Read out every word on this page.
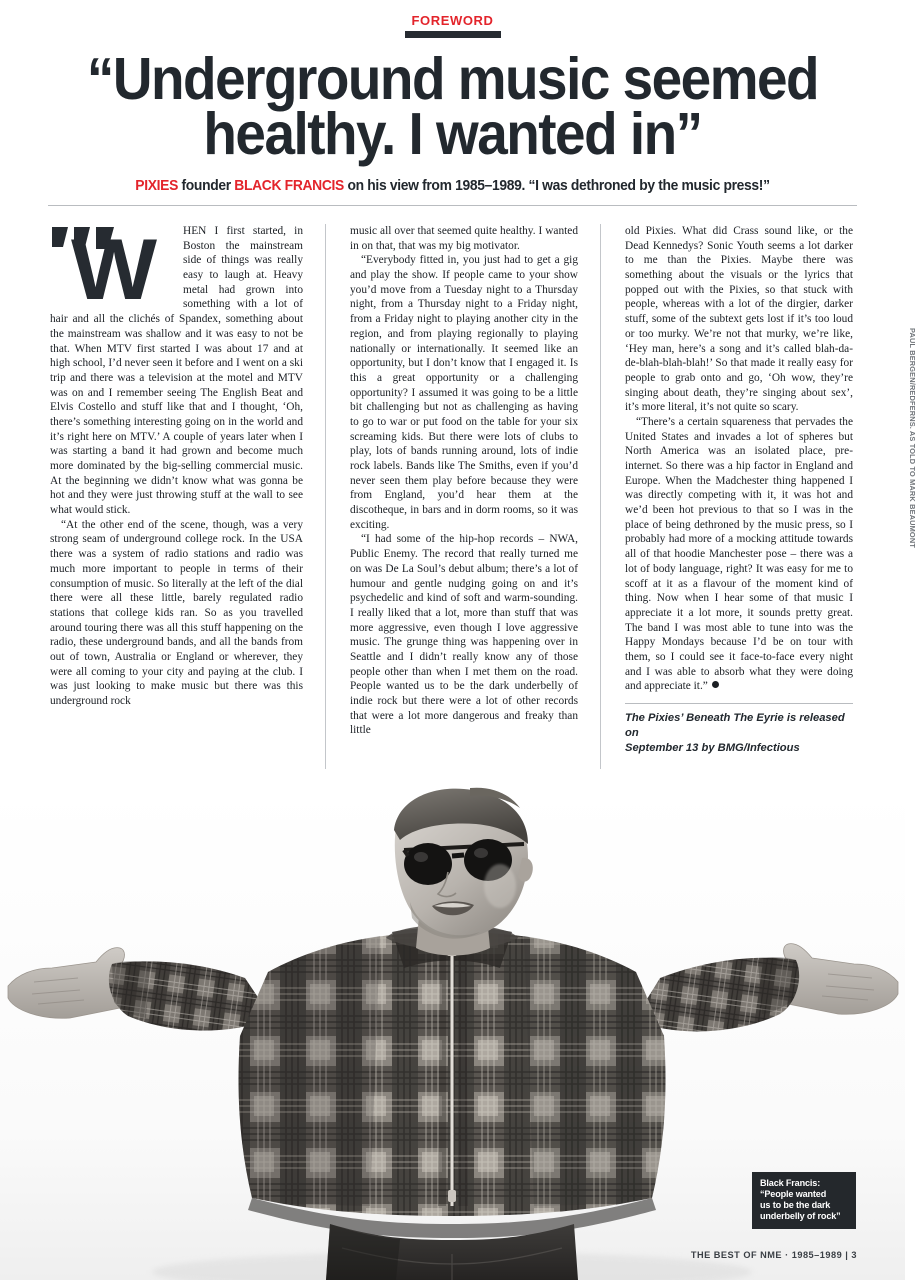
FOREWORD
“Underground music seemed
healthy. I wanted in”
PIXIES founder BLACK FRANCIS on his view from 1985–1989. “I was dethroned by the music press!”
W	HEN I first started, in Boston the mainstream side of things was really easy to laugh at. Heavy metal had grown into something with a lot of hair and all the clichés of Spandex, something about the mainstream was shallow and it was easy to not be that. When MTV first started I was about 17 and at high school, I’d never seen it before and I went on a ski trip and there was a television at the motel and MTV was on and I remember seeing The English Beat and Elvis Costello and stuff like that and I thought, ‘Oh, there’s something interesting going on in the world and it’s right here on MTV.’ A couple of years later when I was starting a band it had grown and become much more dominated by the big-selling commercial music. At the beginning we didn’t know what was gonna be hot and they were just throwing stuff at the wall to see what would stick.

“At the other end of the scene, though, was a very strong seam of underground college rock. In the USA there was a system of radio stations and radio was much more important to people in terms of their consumption of music. So literally at the left of the dial there were all these little, barely regulated radio stations that college kids ran. So as you travelled around touring there was all this stuff happening on the radio, these underground bands, and all the bands from out of town, Australia or England or wherever, they were all coming to your city and paying at the club. I was just looking to make music but there was this underground rock

music all over that seemed quite healthy. I wanted in on that, that was my big motivator.

“Everybody fitted in, you just had to get a gig and play the show. If people came to your show you’d move from a Tuesday night to a Thursday night, from a Thursday night to a Friday night, from a Friday night to playing another city in the region, and from playing regionally to playing nationally or internationally. It seemed like an opportunity, but I don’t know that I engaged it. Is this a great opportunity or a challenging opportunity? I assumed it was going to be a little bit challenging but not as challenging as having to go to war or put food on the table for your six screaming kids. But there were lots of clubs to play, lots of bands running around, lots of indie rock labels. Bands like The Smiths, even if you’d never seen them play before because they were from England, you’d hear them at the discotheque, in bars and in dorm rooms, so it was exciting.

“I had some of the hip-hop records – NWA, Public Enemy. The record that really turned me on was De La Soul’s debut album; there’s a lot of humour and gentle nudging going on and it’s psychedelic and kind of soft and warm-sounding. I really liked that a lot, more than stuff that was more aggressive, even though I love aggressive music. The grunge thing was happening over in Seattle and I didn’t really know any of those people other than when I met them on the road. People wanted us to be the dark underbelly of indie rock but there were a lot of other records that were a lot more dangerous and freaky than little

old Pixies. What did Crass sound like, or the Dead Kennedys? Sonic Youth seems a lot darker to me than the Pixies. Maybe there was something about the visuals or the lyrics that popped out with the Pixies, so that stuck with people, whereas with a lot of the dirgier, darker stuff, some of the subtext gets lost if it’s too loud or too murky. We’re not that murky, we’re like, ‘Hey man, here’s a song and it’s called blah-da-de-blah-blah-blah!’ So that made it really easy for people to grab onto and go, ‘Oh wow, they’re singing about death, they’re singing about sex’, it’s more literal, it’s not quite so scary.

“There’s a certain squareness that pervades the United States and invades a lot of spheres but North America was an isolated place, pre-internet. So there was a hip factor in England and Europe. When the Madchester thing happened I was directly competing with it, it was hot and we’d been hot previous to that so I was in the place of being dethroned by the music press, so I probably had more of a mocking attitude towards all of that hoodie Manchester pose – there was a lot of body language, right? It was easy for me to scoff at it as a flavour of the moment kind of thing. Now when I hear some of that music I appreciate it a lot more, it sounds pretty great. The band I was most able to tune into was the Happy Mondays because I’d be on tour with them, so I could see it face-to-face every night and I was able to absorb what they were doing and appreciate it.”

The Pixies’ Beneath The Eyrie is released on
September 13 by BMG/Infectious
PAUL BERGEN/REDFERNS. AS TOLD TO MARK BEAUMONT
Black Francis:
“People wanted
us to be the dark
underbelly of rock”
THE BEST OF NME · 1985–1989 | 3
